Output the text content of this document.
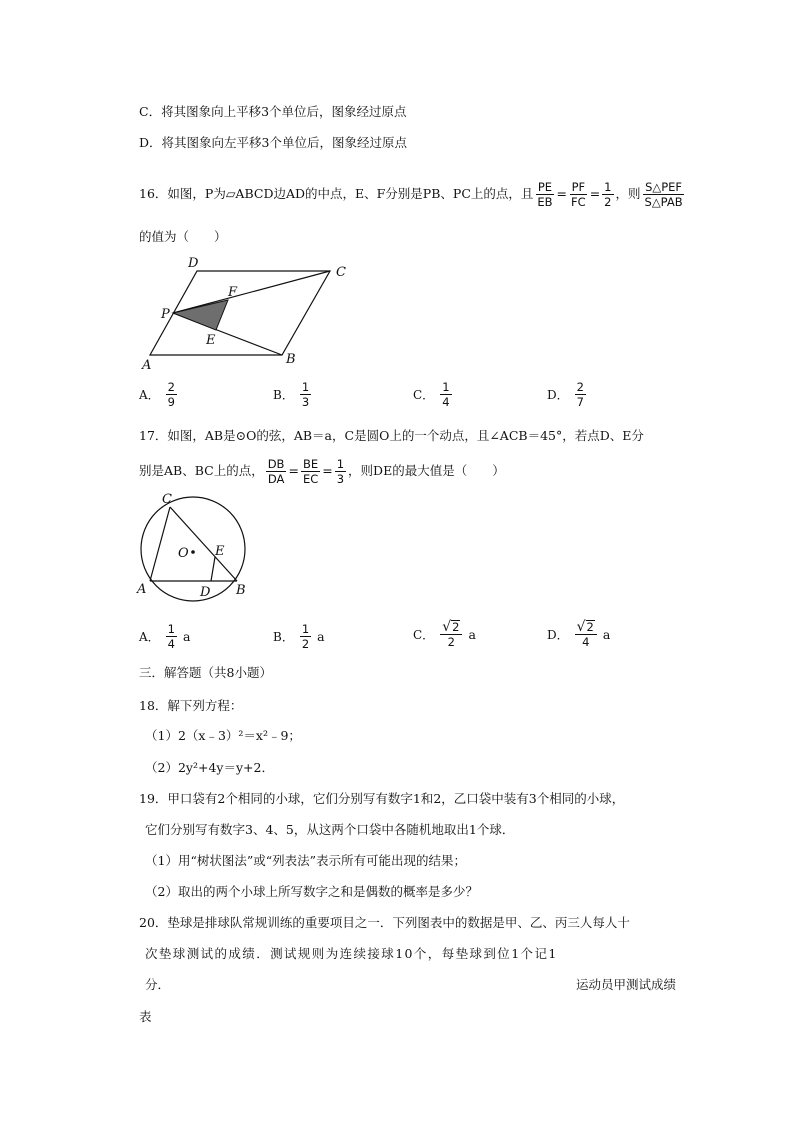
C．将其图象向上平移3个单位后，图象经过原点
D．将其图象向左平移3个单位后，图象经过原点
16．如图，P为▱ABCD边AD的中点，E、F分别是PB、PC上的点，且 $\frac{PE}{EB} = \frac{PF}{FC} = \frac{1}{2}$ ，则 $\frac{\text{S△PEF}}{\text{S△PAB}}$
的值为（　　）
D
C
F
P
E
A	B
A． $\frac{2}{9}$	B． $\frac{1}{3}$	C． $\frac{1}{4}$	D． $\frac{2}{7}$
17．如图，AB是⊙O的弦，AB＝a，C是圆O上的一个动点，且∠ACB＝45°，若点D、E分
别是AB、BC上的点， $\frac{DB}{DA} = \frac{BE}{EC} = \frac{1}{3}$ ，则DE的最大值是（　　）
C
O E
A	D B
A． $\frac{1}{4}$ a	B． $\frac{1}{2}$ a	C． $\frac{√ 2}{2}$ a	D． $\frac{√ 2}{4}$ a
三．解答题（共8小题）
18．解下列方程：
（1）2（x﹣3）²＝x²﹣9；
（2）2y²+4y＝y+2．
19．甲口袋有2个相同的小球，它们分别写有数字1和2，乙口袋中装有3个相同的小球，
它们分别写有数字3、4、5，从这两个口袋中各随机地取出1个球．
（1）用“树状图法”或“列表法”表示所有可能出现的结果；
（2）取出的两个小球上所写数字之和是偶数的概率是多少？
20．垫球是排球队常规训练的重要项目之一．下列图表中的数据是甲、乙、丙三人每人十
次垫球测试的成绩．测试规则为连续接球10个，每垫球到位1个记1
分．	运动员甲测试成绩
表
